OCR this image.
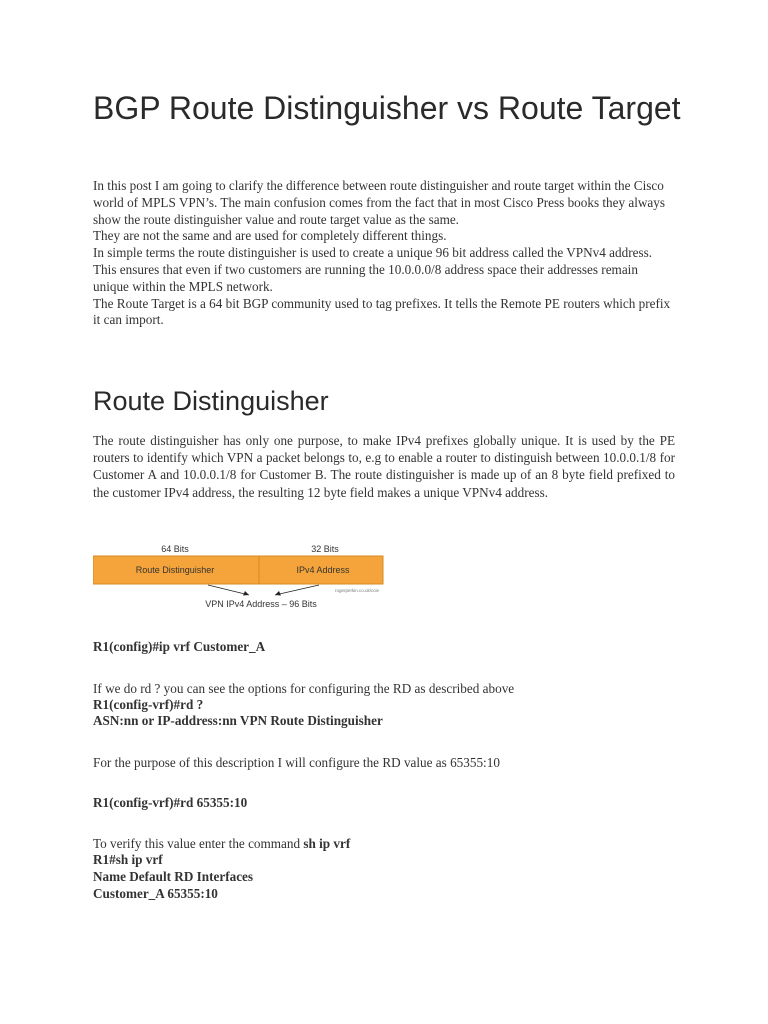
BGP Route Distinguisher vs Route Target

In this post I am going to clarify the difference between route distinguisher and route target within the Cisco world of MPLS VPN’s. The main confusion comes from the fact that in most Cisco Press books they always show the route distinguisher value and route target value as the same.

They are not the same and are used for completely different things.

In simple terms the route distinguisher is used to create a unique 96 bit address called the VPNv4 address.

This ensures that even if two customers are running the 10.0.0.0/8 address space their addresses remain unique within the MPLS network.

The Route Target is a 64 bit BGP community used to tag prefixes. It tells the Remote PE routers which prefix it can import.

Route Distinguisher

The route distinguisher has only one purpose, to make IPv4 prefixes globally unique. It is used by the PE routers to identify which VPN a packet belongs to, e.g to enable a router to distinguish between 10.0.0.1/8 for Customer A and 10.0.0.1/8 for Customer B. The route distinguisher is made up of an 8 byte field prefixed to the customer IPv4 address, the resulting 12 byte field makes a unique VPNv4 address.

64 Bits	32 Bits
Route Distinguisher	IPv4 Address
rogerperkin.co.uk/ccie
VPN IPv4 Address – 96 Bits
R1(config)#ip vrf Customer_A
If we do rd ? you can see the options for configuring the RD as described above
R1(config-vrf)#rd ?
ASN:nn or IP-address:nn VPN Route Distinguisher
For the purpose of this description I will configure the RD value as 65355:10
R1(config-vrf)#rd 65355:10
To verify this value enter the command sh ip vrf
R1#sh ip vrf
Name Default RD Interfaces
Customer_A 65355:10
